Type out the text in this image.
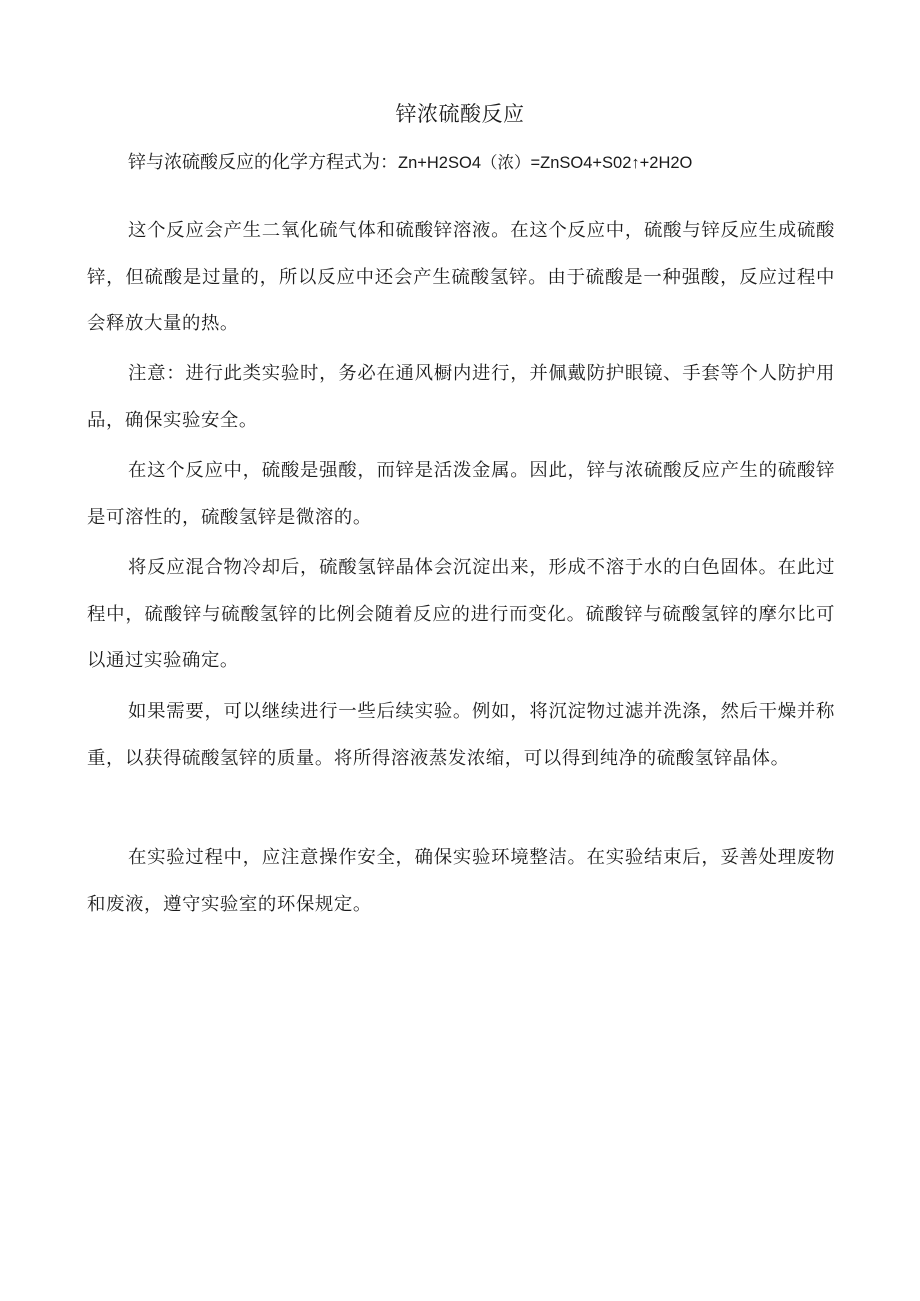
锌浓硫酸反应
锌与浓硫酸反应的化学方程式为：Zn+H2SO4（浓）=ZnSO4+S02↑+2H2O

这个反应会产生二氧化硫气体和硫酸锌溶液。在这个反应中，硫酸与锌反应生成硫酸锌，但硫酸是过量的，所以反应中还会产生硫酸氢锌。由于硫酸是一种强酸，反应过程中会释放大量的热。

注意：进行此类实验时，务必在通风橱内进行，并佩戴防护眼镜、手套等个人防护用品，确保实验安全。

在这个反应中，硫酸是强酸，而锌是活泼金属。因此，锌与浓硫酸反应产生的硫酸锌是可溶性的，硫酸氢锌是微溶的。

将反应混合物冷却后，硫酸氢锌晶体会沉淀出来，形成不溶于水的白色固体。在此过程中，硫酸锌与硫酸氢锌的比例会随着反应的进行而变化。硫酸锌与硫酸氢锌的摩尔比可以通过实验确定。

如果需要，可以继续进行一些后续实验。例如，将沉淀物过滤并洗涤，然后干燥并称重，以获得硫酸氢锌的质量。将所得溶液蒸发浓缩，可以得到纯净的硫酸氢锌晶体。

在实验过程中，应注意操作安全，确保实验环境整洁。在实验结束后，妥善处理废物和废液，遵守实验室的环保规定。
